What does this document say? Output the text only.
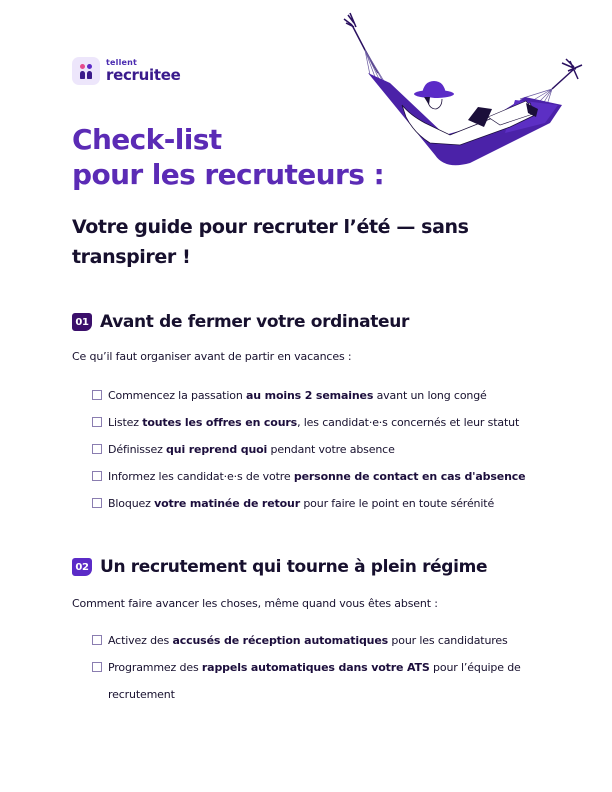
tellent
recruitee
Check-list
pour les recruteurs :
Votre guide pour recruter l’été — sans
transpirer !
01 Avant de fermer votre ordinateur

Ce qu’il faut organiser avant de partir en vacances :

Commencez la passation au moins 2 semaines avant un long congé
Listez toutes les offres en cours, les candidat·e·s concernés et leur statut
Définissez qui reprend quoi pendant votre absence
Informez les candidat·e·s de votre personne de contact en cas d'absence
Bloquez votre matinée de retour pour faire le point en toute sérénité
02 Un recrutement qui tourne à plein régime

Comment faire avancer les choses, même quand vous êtes absent :

Activez des accusés de réception automatiques pour les candidatures
Programmez des rappels automatiques dans votre ATS pour l’équipe de recrutement
